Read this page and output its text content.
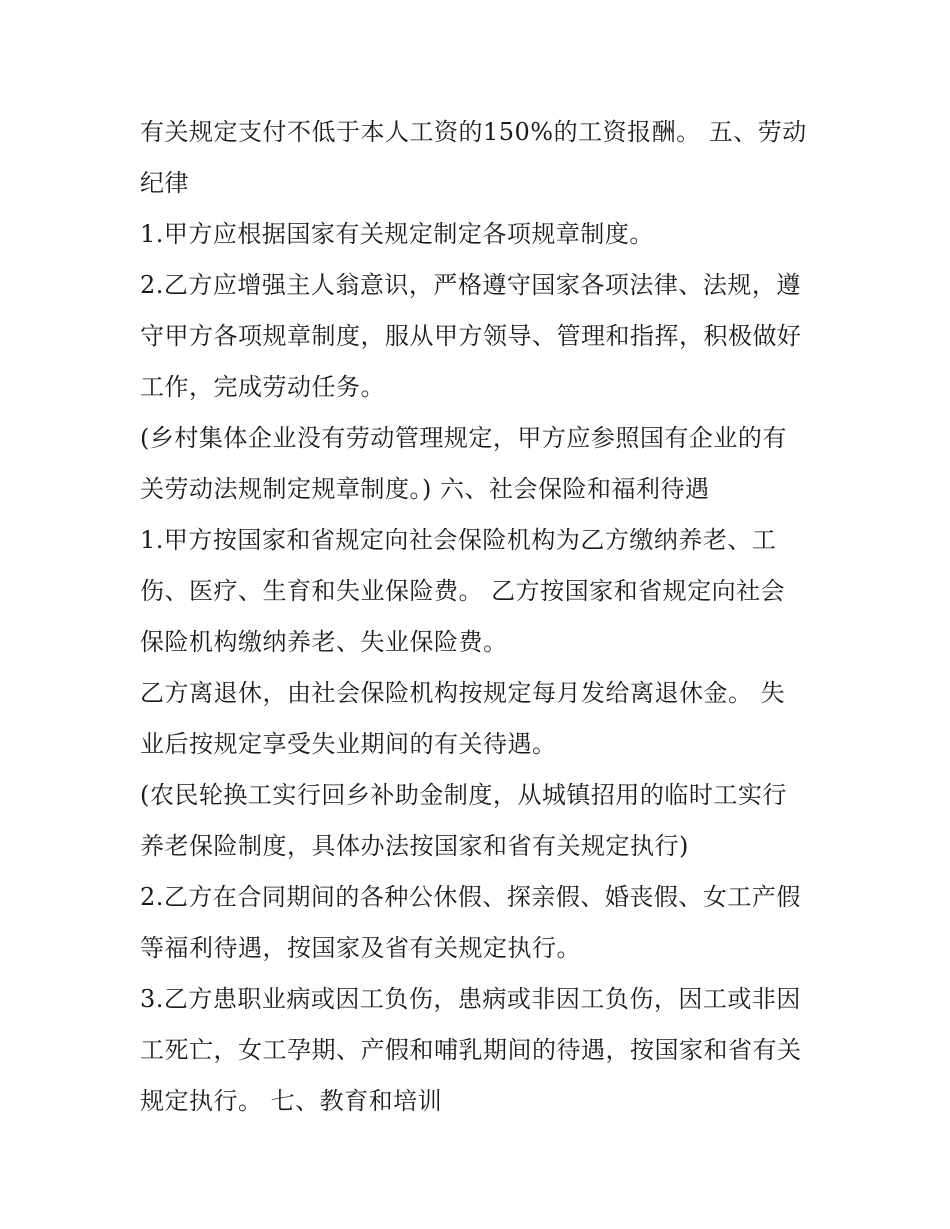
有关规定支付不低于本人工资的150%的工资报酬。 五、劳动
纪律
1.甲方应根据国家有关规定制定各项规章制度。
2.乙方应增强主人翁意识，严格遵守国家各项法律、法规，遵
守甲方各项规章制度，服从甲方领导、管理和指挥，积极做好
工作，完成劳动任务。
(乡村集体企业没有劳动管理规定，甲方应参照国有企业的有
关劳动法规制定规章制度。) 六、社会保险和福利待遇
1.甲方按国家和省规定向社会保险机构为乙方缴纳养老、工
伤、医疗、生育和失业保险费。 乙方按国家和省规定向社会
保险机构缴纳养老、失业保险费。
乙方离退休，由社会保险机构按规定每月发给离退休金。 失
业后按规定享受失业期间的有关待遇。
(农民轮换工实行回乡补助金制度，从城镇招用的临时工实行
养老保险制度，具体办法按国家和省有关规定执行)
2.乙方在合同期间的各种公休假、探亲假、婚丧假、女工产假
等福利待遇，按国家及省有关规定执行。
3.乙方患职业病或因工负伤，患病或非因工负伤，因工或非因
工死亡，女工孕期、产假和哺乳期间的待遇，按国家和省有关
规定执行。 七、教育和培训
